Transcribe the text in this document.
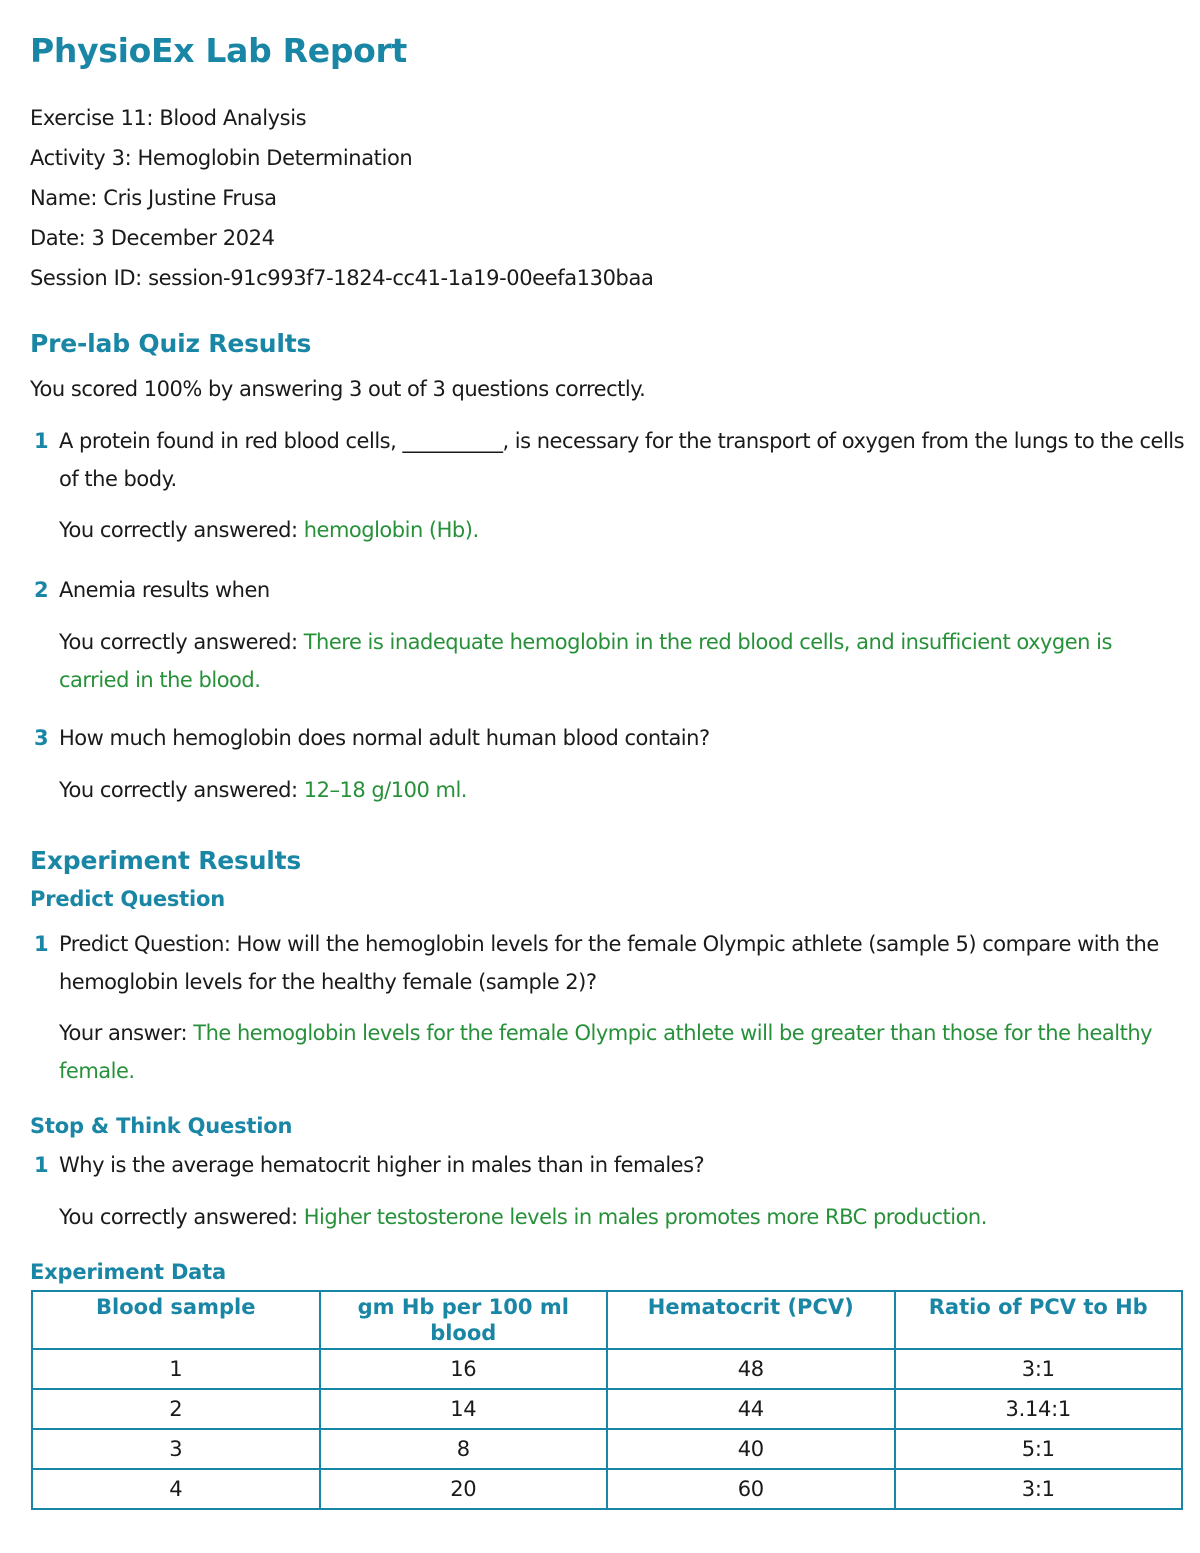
PhysioEx Lab Report
Exercise 11: Blood Analysis
Activity 3: Hemoglobin Determination
Name: Cris Justine Frusa
Date: 3 December 2024
Session ID: session-91c993f7-1824-cc41-1a19-00eefa130baa
Pre-lab Quiz Results
You scored 100% by answering 3 out of 3 questions correctly.
1 A protein found in red blood cells, __________, is necessary for the transport of oxygen from the lungs to the cells of the body.
You correctly answered: hemoglobin (Hb).
2 Anemia results when
You correctly answered: There is inadequate hemoglobin in the red blood cells, and insufficient oxygen is carried in the blood.
3 How much hemoglobin does normal adult human blood contain?
You correctly answered: 12–18 g/100 ml.
Experiment Results
Predict Question
1 Predict Question: How will the hemoglobin levels for the female Olympic athlete (sample 5) compare with the hemoglobin levels for the healthy female (sample 2)?
Your answer: The hemoglobin levels for the female Olympic athlete will be greater than those for the healthy female.
Stop & Think Question
1 Why is the average hematocrit higher in males than in females?
You correctly answered: Higher testosterone levels in males promotes more RBC production.
Experiment Data
Blood sample	gm Hb per 100 ml blood	Hematocrit (PCV)	Ratio of PCV to Hb
1	16	48	3:1
2	14	44	3.14:1
3	8	40	5:1
4	20	60	3:1
